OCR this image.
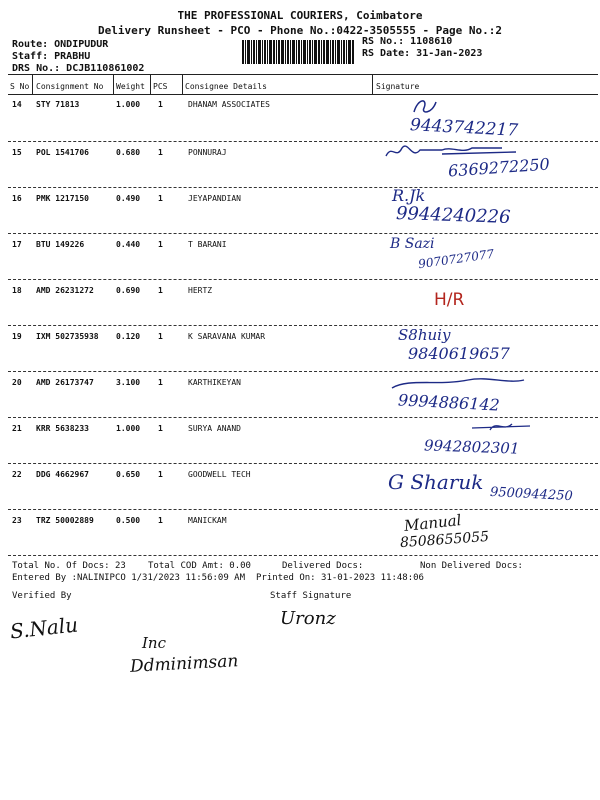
THE PROFESSIONAL COURIERS, Coimbatore
Delivery Runsheet - PCO - Phone No.:0422-3505555 - Page No.:2
Route: ONDIPUDUR
Staff: PRABHU
DRS No.: DCJB110861002
RS No.: 1108610
RS Date: 31-Jan-2023
S No Consignment No Weight PCS Consignee Details	Signature
14 STY 71813	1.000 1	DHANAM ASSOCIATES
9443742217
15 POL 1541706	0.680 1	PONNURAJ
6369272250
16 PMK 1217150	0.490 1	JEYAPANDIAN	R.Jk
9944240226
17 BTU 149226	0.440 1	T BARANI	B Sazi
9070727077
18 AMD 26231272	0.690 1	HERTZ	H/R
19 IXM 502735938 0.120 1	K SARAVANA KUMAR	S8huiy
9840619657
20 AMD 26173747	3.100 1	KARTHIKEYAN
9994886142
21 KRR 5638233	1.000 1	SURYA ANAND
9942802301
22 DDG 4662967	0.650 1	GOODWELL TECH	G Sharuk
9500944250
23 TRZ 50002889	0.500 1	MANICKAM	Manual
8508655055
Total No. Of Docs: 23 Total COD Amt: 0.00	Delivered Docs:	Non Delivered Docs:
Entered By :NALINIPCO 1/31/2023 11:56:09 AM Printed On: 31-01-2023 11:48:06
Verified By	Staff Signature
S.Nalu	Uronz
Inc
Ddminimsan
